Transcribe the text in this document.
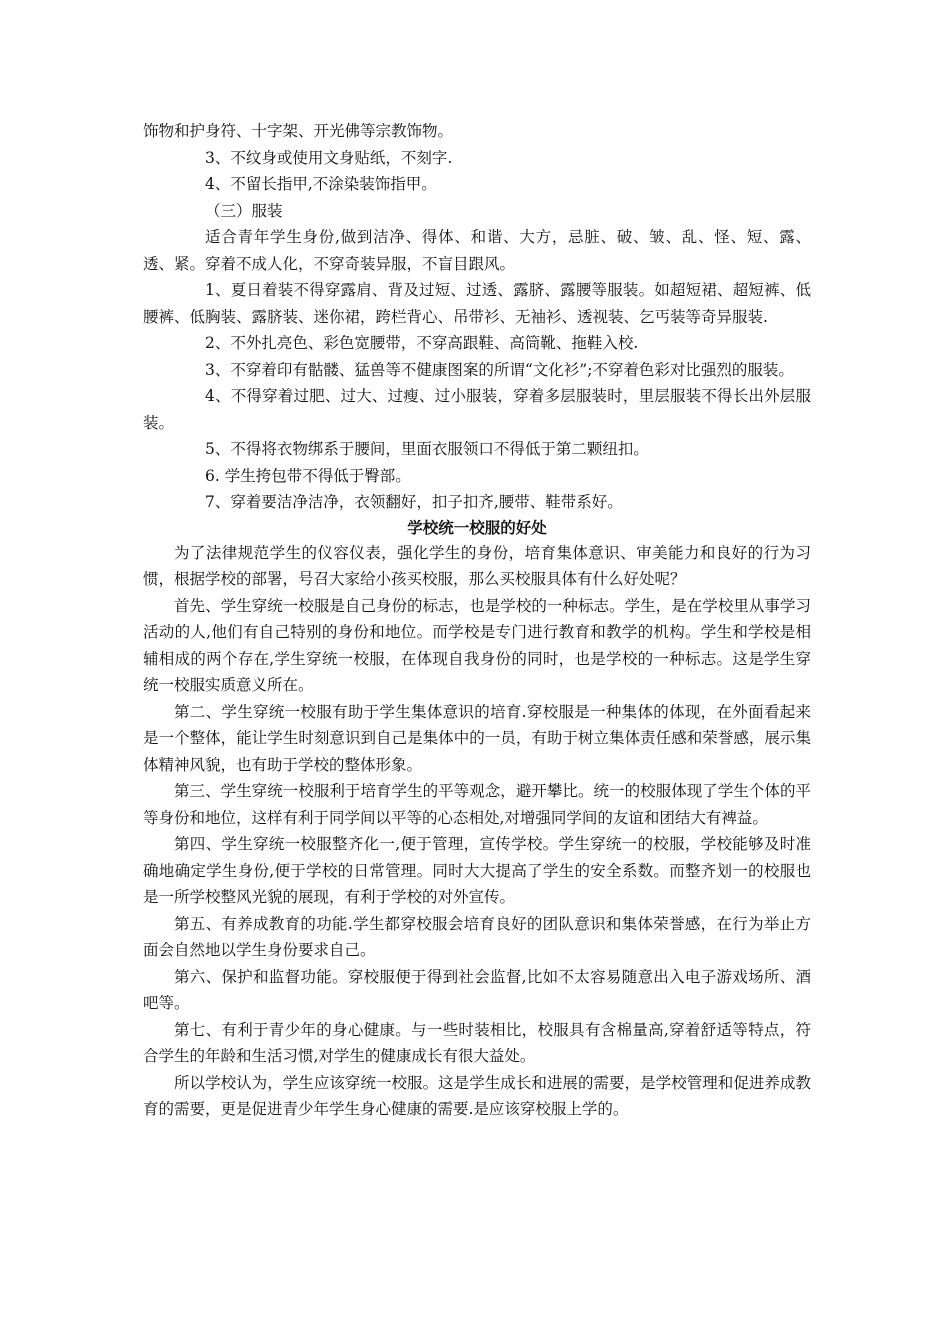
饰物和护身符、十字架、开光佛等宗教饰物。

3、不纹身或使用文身贴纸，不刻字.

4、不留长指甲,不涂染装饰指甲。

（三）服装

适合青年学生身份,做到洁净、得体、和谐、大方，忌脏、破、皱、乱、怪、短、露、透、紧。穿着不成人化，不穿奇装异服，不盲目跟风。

1、夏日着装不得穿露肩、背及过短、过透、露脐、露腰等服装。如超短裙、超短裤、低腰裤、低胸装、露脐装、迷你裙，跨栏背心、吊带衫、无袖衫、透视装、乞丐装等奇异服装.

2、不外扎亮色、彩色宽腰带，不穿高跟鞋、高筒靴、拖鞋入校.

3、不穿着印有骷髅、猛兽等不健康图案的所谓“文化衫”;不穿着色彩对比强烈的服装。

4、不得穿着过肥、过大、过瘦、过小服装，穿着多层服装时，里层服装不得长出外层服装。

5、不得将衣物绑系于腰间，里面衣服领口不得低于第二颗纽扣。

6. 学生挎包带不得低于臀部。

7、穿着要洁净洁净，衣领翻好，扣子扣齐,腰带、鞋带系好。

学校统一校服的好处

为了法律规范学生的仪容仪表，强化学生的身份，培育集体意识、审美能力和良好的行为习惯，根据学校的部署，号召大家给小孩买校服，那么买校服具体有什么好处呢？

首先、学生穿统一校服是自己身份的标志，也是学校的一种标志。学生，是在学校里从事学习活动的人,他们有自己特别的身份和地位。而学校是专门进行教育和教学的机构。学生和学校是相辅相成的两个存在,学生穿统一校服，在体现自我身份的同时，也是学校的一种标志。这是学生穿统一校服实质意义所在。

第二、学生穿统一校服有助于学生集体意识的培育.穿校服是一种集体的体现，在外面看起来是一个整体，能让学生时刻意识到自己是集体中的一员，有助于树立集体责任感和荣誉感，展示集体精神风貌，也有助于学校的整体形象。

第三、学生穿统一校服利于培育学生的平等观念，避开攀比。统一的校服体现了学生个体的平等身份和地位，这样有利于同学间以平等的心态相处,对增强同学间的友谊和团结大有裨益。

第四、学生穿统一校服整齐化一,便于管理，宣传学校。学生穿统一的校服，学校能够及时准确地确定学生身份,便于学校的日常管理。同时大大提高了学生的安全系数。而整齐划一的校服也是一所学校整风光貌的展现，有利于学校的对外宣传。

第五、有养成教育的功能.学生都穿校服会培育良好的团队意识和集体荣誉感，在行为举止方面会自然地以学生身份要求自己。

第六、保护和监督功能。穿校服便于得到社会监督,比如不太容易随意出入电子游戏场所、酒吧等。

第七、有利于青少年的身心健康。与一些时装相比，校服具有含棉量高,穿着舒适等特点，符合学生的年龄和生活习惯,对学生的健康成长有很大益处。

所以学校认为，学生应该穿统一校服。这是学生成长和进展的需要，是学校管理和促进养成教育的需要，更是促进青少年学生身心健康的需要.是应该穿校服上学的。
